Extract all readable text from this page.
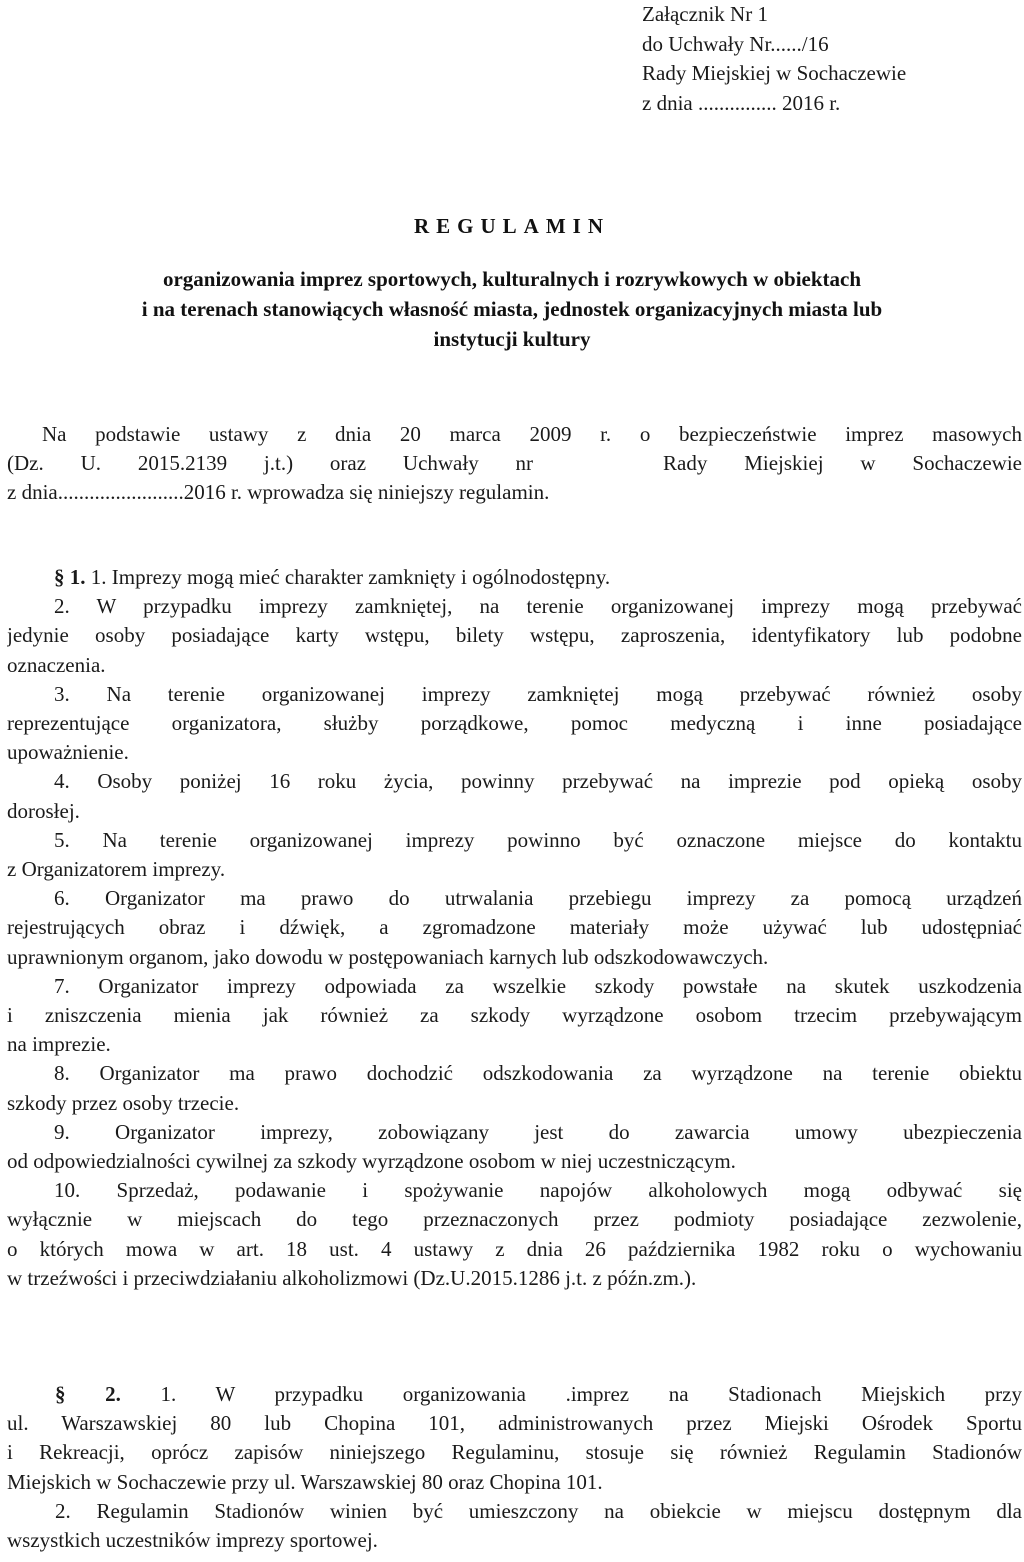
Załącznik Nr 1
do Uchwały Nr....../16
Rady Miejskiej w Sochaczewie
z dnia ............... 2016 r.
REGULAMIN
organizowania imprez sportowych, kulturalnych i rozrywkowych w obiektach
i na terenach stanowiących własność miasta, jednostek organizacyjnych miasta lub
instytucji kultury
Na podstawie ustawy z dnia 20 marca 2009 r. o bezpieczeństwie imprez masowych
(Dz. U. 2015.2139 j.t.) oraz Uchwały nr	Rady Miejskiej w Sochaczewie
z dnia........................2016 r. wprowadza się niniejszy regulamin.
§ 1. 1. Imprezy mogą mieć charakter zamknięty i ogólnodostępny.
2. W przypadku imprezy zamkniętej, na terenie organizowanej imprezy mogą przebywać
jedynie osoby posiadające karty wstępu, bilety wstępu, zaproszenia, identyfikatory lub podobne
oznaczenia.
3. Na terenie organizowanej imprezy zamkniętej mogą przebywać również osoby
reprezentujące organizatora, służby porządkowe, pomoc medyczną i inne posiadające
upoważnienie.
4. Osoby poniżej 16 roku życia, powinny przebywać na imprezie pod opieką osoby
dorosłej.
5. Na terenie organizowanej imprezy powinno być oznaczone miejsce do kontaktu
z Organizatorem imprezy.
6. Organizator ma prawo do utrwalania przebiegu imprezy za pomocą urządzeń
rejestrujących obraz i dźwięk, a zgromadzone materiały może używać lub udostępniać
uprawnionym organom, jako dowodu w postępowaniach karnych lub odszkodowawczych.
7. Organizator imprezy odpowiada za wszelkie szkody powstałe na skutek uszkodzenia
i zniszczenia mienia jak również za szkody wyrządzone osobom trzecim przebywającym
na imprezie.
8. Organizator ma prawo dochodzić odszkodowania za wyrządzone na terenie obiektu
szkody przez osoby trzecie.
9. Organizator imprezy, zobowiązany jest do zawarcia umowy ubezpieczenia
od odpowiedzialności cywilnej za szkody wyrządzone osobom w niej uczestniczącym.
10. Sprzedaż, podawanie i spożywanie napojów alkoholowych mogą odbywać się
wyłącznie w miejscach do tego przeznaczonych przez podmioty posiadające zezwolenie,
o których mowa w art. 18 ust. 4 ustawy z dnia 26 października 1982 roku o wychowaniu
w trzeźwości i przeciwdziałaniu alkoholizmowi (Dz.U.2015.1286 j.t. z późn.zm.).
§ 2. 1. W przypadku organizowania .imprez na Stadionach Miejskich przy
ul. Warszawskiej 80 lub Chopina 101, administrowanych przez Miejski Ośrodek Sportu
i Rekreacji, oprócz zapisów niniejszego Regulaminu, stosuje się również Regulamin Stadionów
Miejskich w Sochaczewie przy ul. Warszawskiej 80 oraz Chopina 101.
2. Regulamin Stadionów winien być umieszczony na obiekcie w miejscu dostępnym dla
wszystkich uczestników imprezy sportowej.
